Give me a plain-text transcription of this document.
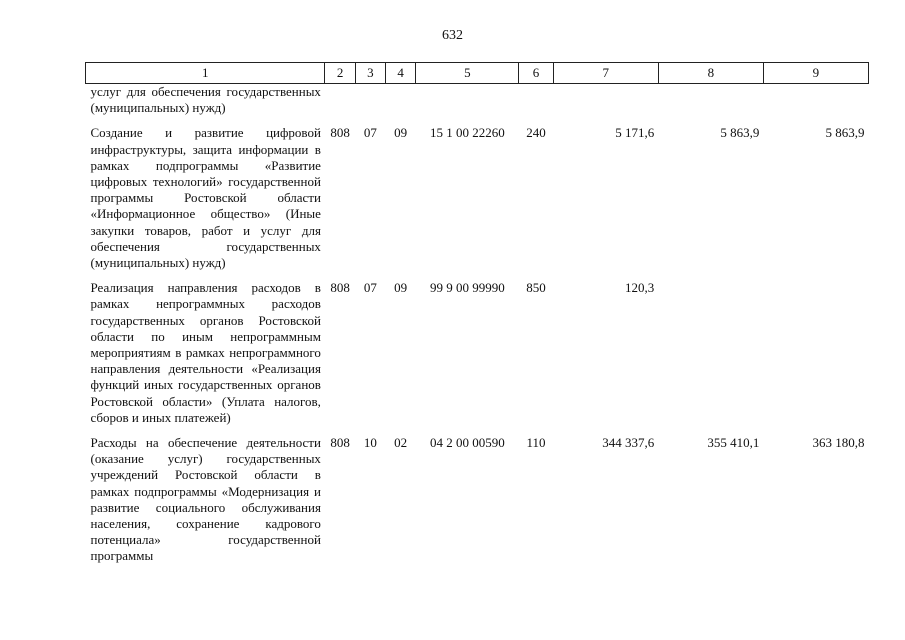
632
1	2	3	4	5	6	7	8	9
услуг для обеспечения государственных (муниципальных) нужд)								
Создание и развитие цифровой инфраструктуры, защита информации в рамках подпрограммы «Развитие цифровых технологий» государственной программы Ростовской области «Информационное общество» (Иные закупки товаров, работ и услуг для обеспечения государственных (муниципальных) нужд)	808	07	09	15 1 00 22260	240	5 171,6	5 863,9	5 863,9
Реализация направления расходов в рамках непрограммных расходов государственных органов Ростовской области по иным непрограммным мероприятиям в рамках непрограммного направления деятельности «Реализация функций иных государственных органов Ростовской области» (Уплата налогов, сборов и иных платежей)	808	07	09	99 9 00 99990	850	120,3		
Расходы на обеспечение деятельности (оказание услуг) государственных учреждений Ростовской области в рамках подпрограммы «Модернизация и развитие социального обслуживания населения, сохранение кадрового потенциала» государственной программы	808	10	02	04 2 00 00590	110	344 337,6	355 410,1	363 180,8
